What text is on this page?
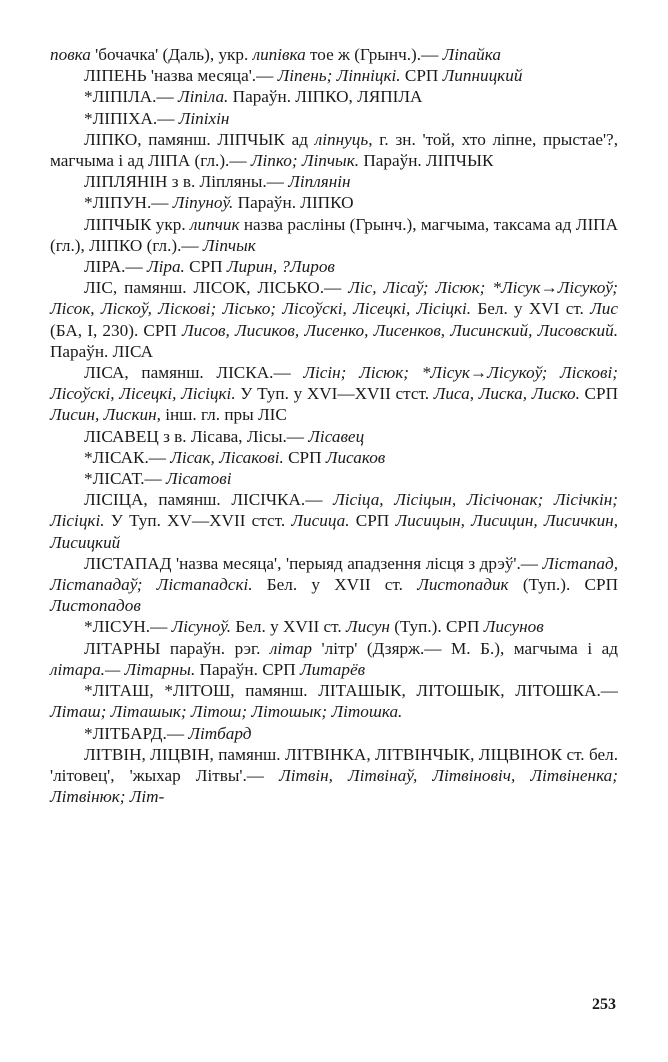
повка 'бочачка' (Даль), укр. липівка тое ж (Грынч.).— Ліпайка

ЛІПЕНЬ 'назва месяца'.— Ліпень; Ліпніцкі. СРП Липницкий

*ЛІПІЛА.— Ліпіла. Параўн. ЛІПКО, ЛЯПІЛА

*ЛІПІХА.— Ліпіхін

ЛІПКО, памянш. ЛІПЧЫК ад ліпнуць, г. зн. 'той, хто ліпне, прыстае'?, магчыма і ад ЛІПА (гл.).— Ліпко; Ліпчык. Параўн. ЛІПЧЫК

ЛІПЛЯНІН з в. Ліпляны.— Ліплянін

*ЛІПУН.— Ліпуноў. Параўн. ЛІПКО

ЛІПЧЫК укр. липчик назва расліны (Грынч.), магчыма, таксама ад ЛІПА (гл.), ЛІПКО (гл.).— Ліпчык

ЛІРА.— Ліра. СРП Лирин, ?Лиров

ЛІС, памянш. ЛІСОК, ЛІСЬКО.— Ліс, Лісаў; Лісюк; *Лісук→Лісукоў; Лісок, Ліскоў, Ліскові; Лісько; Лісоўскі, Лісецкі, Лісіцкі. Бел. у XVI ст. Лис (БА, I, 230). СРП Лисов, Лисиков, Лисенко, Лисенков, Лисинский, Лисовский. Параўн. ЛІСА

ЛІСА, памянш. ЛІСКА.— Лісін; Лісюк; *Лісук→Лісукоў; Ліскові; Лісоўскі, Лісецкі, Лісіцкі. У Туп. у XVI—XVII стст. Лиса, Лиска, Лиско. СРП Лисин, Лискин, інш. гл. пры ЛІС

ЛІСАВЕЦ з в. Лісава, Лісы.— Лісавец

*ЛІСАК.— Лісак, Лісакові. СРП Лисаков

*ЛІСАТ.— Лісатові

ЛІСІЦА, памянш. ЛІСІЧКА.— Лісіца, Лісіцын, Лісічонак; Лісічкін; Лісіцкі. У Туп. XV—XVII стст. Лисица. СРП Лисицын, Лисицин, Лисичкин, Лисицкий

ЛІСТАПАД 'назва месяца', 'перыяд ападзення лісця з дрэў'.— Лістапад, Лістападаў; Лістападскі. Бел. у XVII ст. Листопадик (Туп.). СРП Листопадов

*ЛІСУН.— Лісуноў. Бел. у XVII ст. Лисун (Туп.). СРП Лисунов

ЛІТАРНЫ параўн. рэг. літар 'літр' (Дзярж.— М. Б.), магчыма і ад літара.— Літарны. Параўн. СРП Литарёв

*ЛІТАШ, *ЛІТОШ, памянш. ЛІТАШЫК, ЛІТОШЫК, ЛІТОШКА.— Літаш; Літашык; Літош; Літошык; Літошка.

*ЛІТБАРД.— Літбард

ЛІТВІН, ЛІЦВІН, памянш. ЛІТВІНКА, ЛІТВІНЧЫК, ЛІЦВІНОК ст. бел. 'літовец', 'жыхар Літвы'.— Літвін, Літвінаў, Літвіновіч, Літвіненка; Літвінюк; Літ-

253
